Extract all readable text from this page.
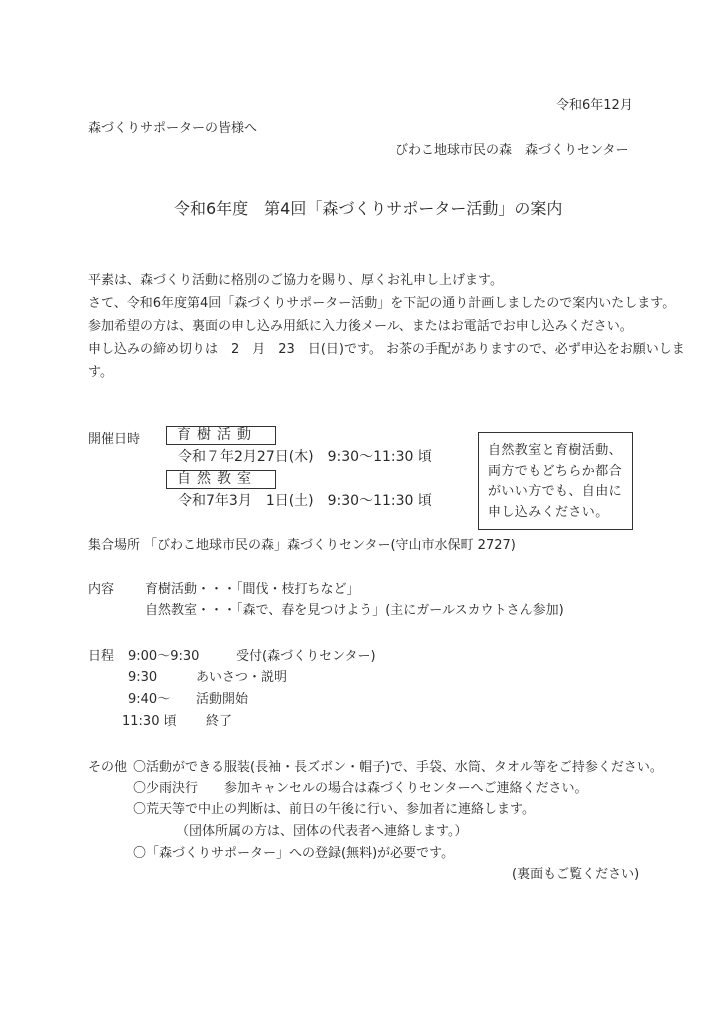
令和6年12月
森づくりサポーターの皆様へ
びわこ地球市民の森　森づくりセンター
令和6年度　第4回「森づくりサポーター活動」の案内
平素は、森づくり活動に格別のご協力を賜り、厚くお礼申し上げます。
さて、令和6年度第4回「森づくりサポーター活動」を下記の通り計画しましたので案内いたします。
参加希望の方は、裏面の申し込み用紙に入力後メール、またはお電話でお申し込みください。
申し込みの締め切りは　2　月　23　日(日)です。 お茶の手配がありますので、必ず申込をお願いしま
す。
開催日時	育樹活動
令和７年2月27日(木)　9:30～11:30 頃
自然教室
令和7年3月　1日(土)　9:30～11:30 頃
自然教室と育樹活動、
両方でもどちらか都合
がいい方でも、自由に
申し込みください。
集合場所 「びわこ地球市民の森」森づくりセンター(守山市水保町 2727)
内容 育樹活動・・・「間伐・枝打ちなど」
自然教室・・・「森で、春を見つけよう」(主にガールスカウトさん参加)
日程 9:00～9:30	受付(森づくりセンター)
9:30	あいさつ・説明
9:40～ 活動開始
11:30 頃 終了
その他 〇活動ができる服装(長袖・長ズボン・帽子)で、手袋、水筒、タオル等をご持参ください。
〇少雨決行　　参加キャンセルの場合は森づくりセンターへご連絡ください。
〇荒天等で中止の判断は、前日の午後に行い、参加者に連絡します。
（団体所属の方は、団体の代表者へ連絡します。）
〇「森づくりサポーター」への登録(無料)が必要です。
(裏面もご覧ください)
